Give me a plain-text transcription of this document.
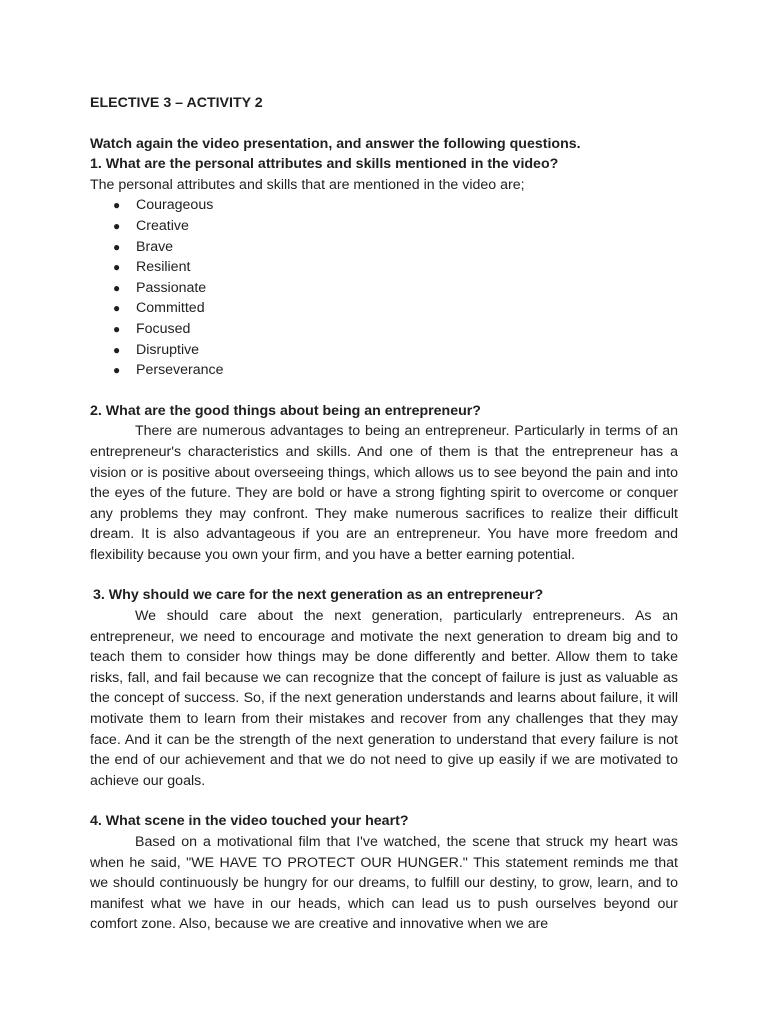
ELECTIVE 3 – ACTIVITY 2

Watch again the video presentation, and answer the following questions.

1. What are the personal attributes and skills mentioned in the video?

The personal attributes and skills that are mentioned in the video are;

● Courageous
● Creative
● Brave
● Resilient
● Passionate
● Committed
● Focused
● Disruptive
● Perseverance

2. What are the good things about being an entrepreneur?

There are numerous advantages to being an entrepreneur. Particularly in terms of an entrepreneur's characteristics and skills. And one of them is that the entrepreneur has a vision or is positive about overseeing things, which allows us to see beyond the pain and into the eyes of the future. They are bold or have a strong fighting spirit to overcome or conquer any problems they may confront. They make numerous sacrifices to realize their difficult dream. It is also advantageous if you are an entrepreneur. You have more freedom and flexibility because you own your firm, and you have a better earning potential.

3. Why should we care for the next generation as an entrepreneur?

We should care about the next generation, particularly entrepreneurs. As an entrepreneur, we need to encourage and motivate the next generation to dream big and to teach them to consider how things may be done differently and better. Allow them to take risks, fall, and fail because we can recognize that the concept of failure is just as valuable as the concept of success. So, if the next generation understands and learns about failure, it will motivate them to learn from their mistakes and recover from any challenges that they may face. And it can be the strength of the next generation to understand that every failure is not the end of our achievement and that we do not need to give up easily if we are motivated to achieve our goals.

4. What scene in the video touched your heart?

Based on a motivational film that I've watched, the scene that struck my heart was when he said, "WE HAVE TO PROTECT OUR HUNGER." This statement reminds me that we should continuously be hungry for our dreams, to fulfill our destiny, to grow, learn, and to manifest what we have in our heads, which can lead us to push ourselves beyond our comfort zone. Also, because we are creative and innovative when we are
